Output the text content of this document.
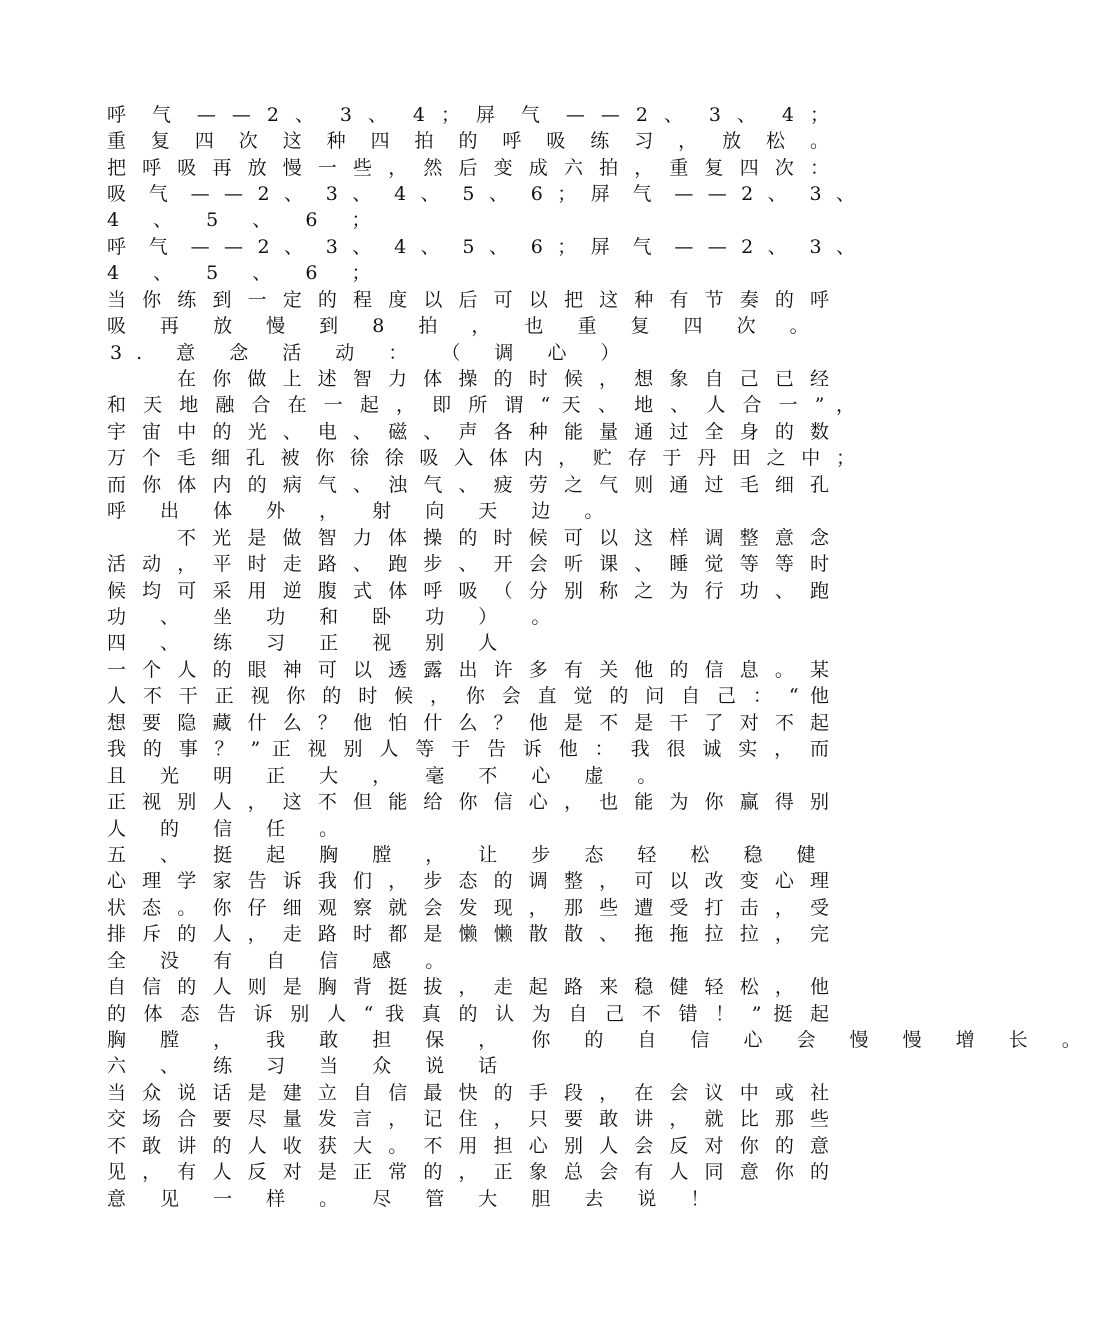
呼 气 — — 2 、 3 、 4 ； 屏 气 — — 2 、 3 、 4 ；
重 复 四 次 这 种 四 拍 的 呼 吸 练 习 ， 放 松 。
把 呼 吸 再 放 慢 一 些 ， 然 后 变 成 六 拍 ， 重 复 四 次 ：
吸 气 — — 2 、 3 、 4 、 5 、 6 ； 屏 气 — — 2 、 3 、
4 、 5 、 6 ；
呼 气 — — 2 、 3 、 4 、 5 、 6 ； 屏 气 — — 2 、 3 、
4 、 5 、 6 ；
当 你 练 到 一 定 的 程 度 以 后 可 以 把 这 种 有 节 奏 的 呼
吸 再 放 慢 到 8 拍 ， 也 重 复 四 次 。
3. 意 念 活 动 ： （ 调 心 ）
在 你 做 上 述 智 力 体 操 的 时 候 ， 想 象 自 己 已 经
和 天 地 融 合 在 一 起 ， 即 所 谓 “ 天 、 地 、 人 合 一 ” ，
宇 宙 中 的 光 、 电 、 磁 、 声 各 种 能 量 通 过 全 身 的 数
万 个 毛 细 孔 被 你 徐 徐 吸 入 体 内 ， 贮 存 于 丹 田 之 中 ；
而 你 体 内 的 病 气 、 浊 气 、 疲 劳 之 气 则 通 过 毛 细 孔
呼 出 体 外 ， 射 向 天 边 。
不 光 是 做 智 力 体 操 的 时 候 可 以 这 样 调 整 意 念
活 动 ， 平 时 走 路 、 跑 步 、 开 会 听 课 、 睡 觉 等 等 时
候 均 可 采 用 逆 腹 式 体 呼 吸 （ 分 别 称 之 为 行 功 、 跑
功 、 坐 功 和 卧 功 ） 。
四 、 练 习 正 视 别 人
一 个 人 的 眼 神 可 以 透 露 出 许 多 有 关 他 的 信 息 。 某
人 不 干 正 视 你 的 时 候 ， 你 会 直 觉 的 问 自 己 ： “ 他
想 要 隐 藏 什 么 ？ 他 怕 什 么 ？ 他 是 不 是 干 了 对 不 起
我 的 事 ？ ” 正 视 别 人 等 于 告 诉 他 ： 我 很 诚 实 ， 而
且 光 明 正 大 ， 毫 不 心 虚 。
正 视 别 人 ， 这 不 但 能 给 你 信 心 ， 也 能 为 你 赢 得 别
人 的 信 任 。
五 、 挺 起 胸 膛 ， 让 步 态 轻 松 稳 健
心 理 学 家 告 诉 我 们 ， 步 态 的 调 整 ， 可 以 改 变 心 理
状 态 。 你 仔 细 观 察 就 会 发 现 ， 那 些 遭 受 打 击 ， 受
排 斥 的 人 ， 走 路 时 都 是 懒 懒 散 散 、 拖 拖 拉 拉 ， 完
全 没 有 自 信 感 。
自 信 的 人 则 是 胸 背 挺 拔 ， 走 起 路 来 稳 健 轻 松 ， 他
的 体 态 告 诉 别 人 “ 我 真 的 认 为 自 己 不 错 ！ ” 挺 起
胸 膛 ， 我 敢 担 保 ， 你 的 自 信 心 会 慢 慢 增 长 。
六 、 练 习 当 众 说 话
当 众 说 话 是 建 立 自 信 最 快 的 手 段 ， 在 会 议 中 或 社
交 场 合 要 尽 量 发 言 ， 记 住 ， 只 要 敢 讲 ， 就 比 那 些
不 敢 讲 的 人 收 获 大 。 不 用 担 心 别 人 会 反 对 你 的 意
见 ， 有 人 反 对 是 正 常 的 ， 正 象 总 会 有 人 同 意 你 的
意 见 一 样 。 尽 管 大 胆 去 说 ！
